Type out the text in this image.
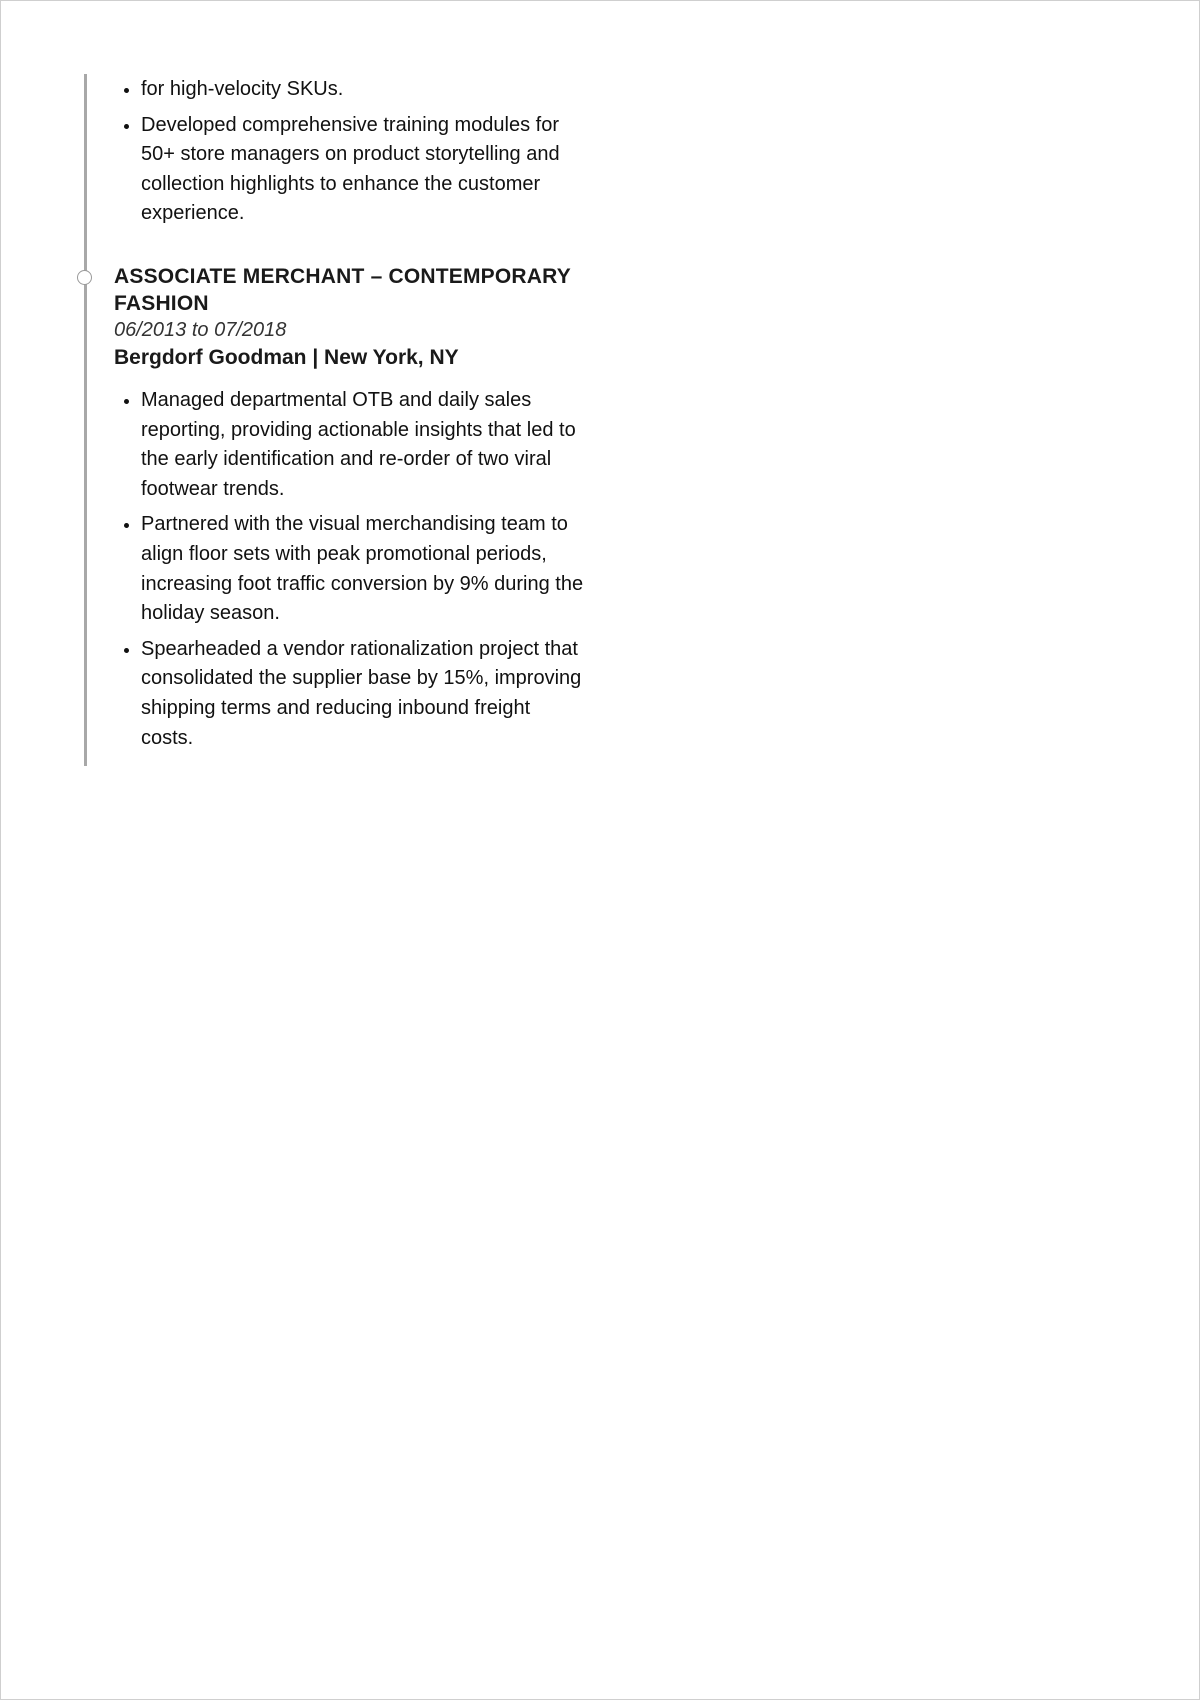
• for high-velocity SKUs.
• Developed comprehensive training modules for 50+ store managers on product storytelling and collection highlights to enhance the customer experience.
ASSOCIATE MERCHANT – CONTEMPORARY FASHION
06/2013 to 07/2018
Bergdorf Goodman | New York, NY
• Managed departmental OTB and daily sales reporting, providing actionable insights that led to the early identification and re-order of two viral footwear trends.
• Partnered with the visual merchandising team to align floor sets with peak promotional periods, increasing foot traffic conversion by 9% during the holiday season.
• Spearheaded a vendor rationalization project that consolidated the supplier base by 15%, improving shipping terms and reducing inbound freight costs.
